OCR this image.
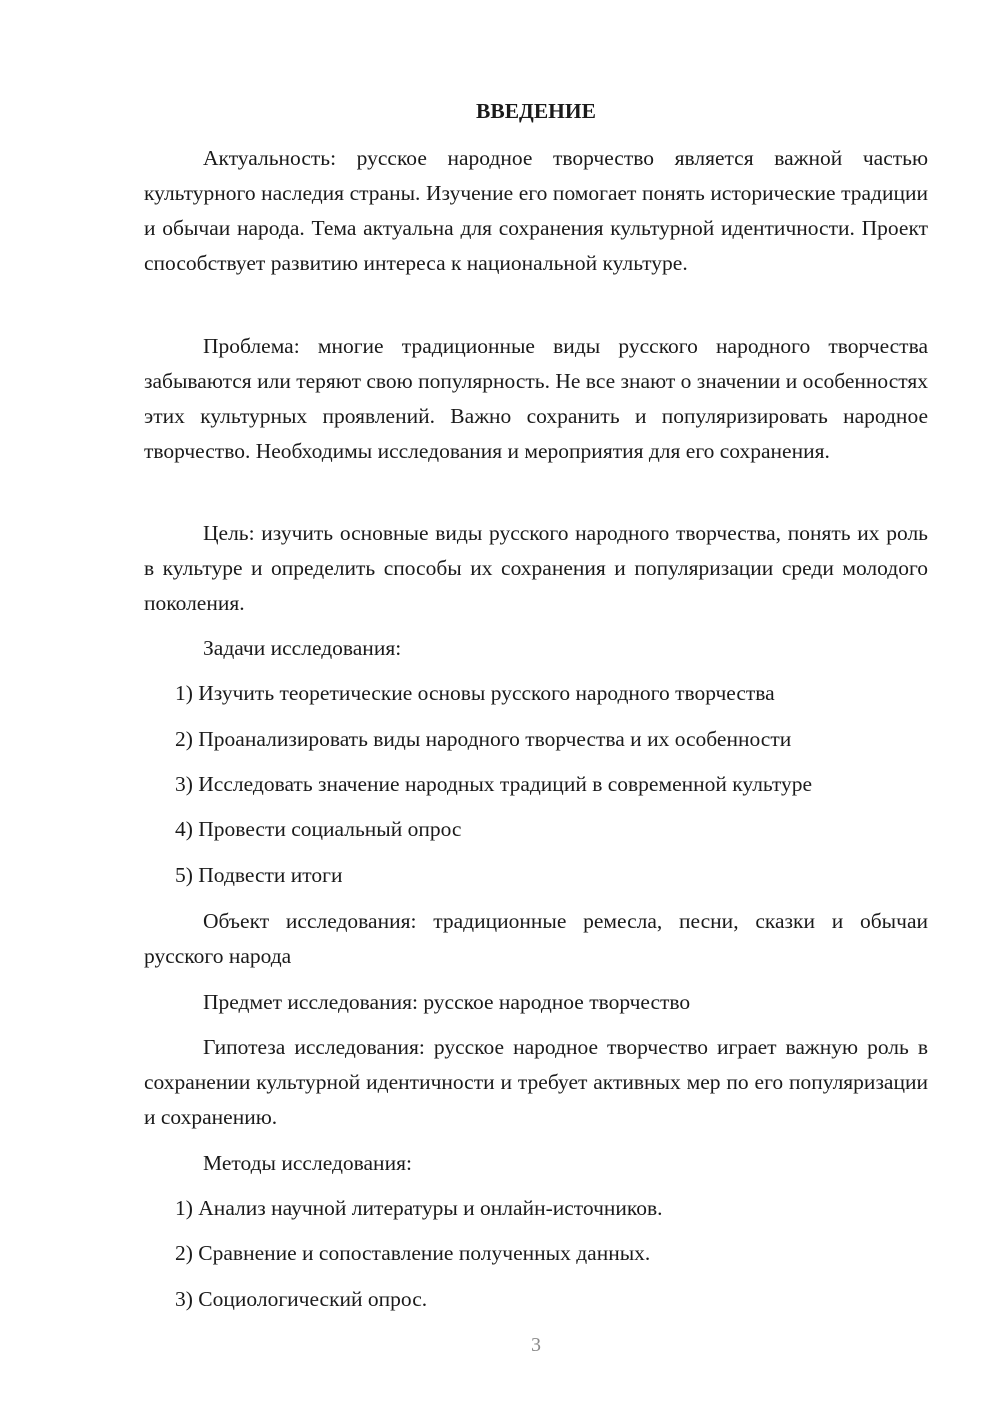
ВВЕДЕНИЕ

Актуальность: русское народное творчество является важной частью культурного наследия страны. Изучение его помогает понять исторические традиции и обычаи народа. Тема актуальна для сохранения культурной идентичности. Проект способствует развитию интереса к национальной культуре.

Проблема: многие традиционные виды русского народного творчества забываются или теряют свою популярность. Не все знают о значении и особенностях этих культурных проявлений. Важно сохранить и популяризировать народное творчество. Необходимы исследования и мероприятия для его сохранения.

Цель: изучить основные виды русского народного творчества, понять их роль в культуре и определить способы их сохранения и популяризации среди молодого поколения.

Задачи исследования:

1) Изучить теоретические основы русского народного творчества

2) Проанализировать виды народного творчества и их особенности

3) Исследовать значение народных традиций в современной культуре

4) Провести социальный опрос

5) Подвести итоги

Объект исследования: традиционные ремесла, песни, сказки и обычаи русского народа

Предмет исследования: русское народное творчество

Гипотеза исследования: русское народное творчество играет важную роль в сохранении культурной идентичности и требует активных мер по его популяризации и сохранению.

Методы исследования:

1) Анализ научной литературы и онлайн-источников.

2) Сравнение и сопоставление полученных данных.

3) Социологический опрос.

3
